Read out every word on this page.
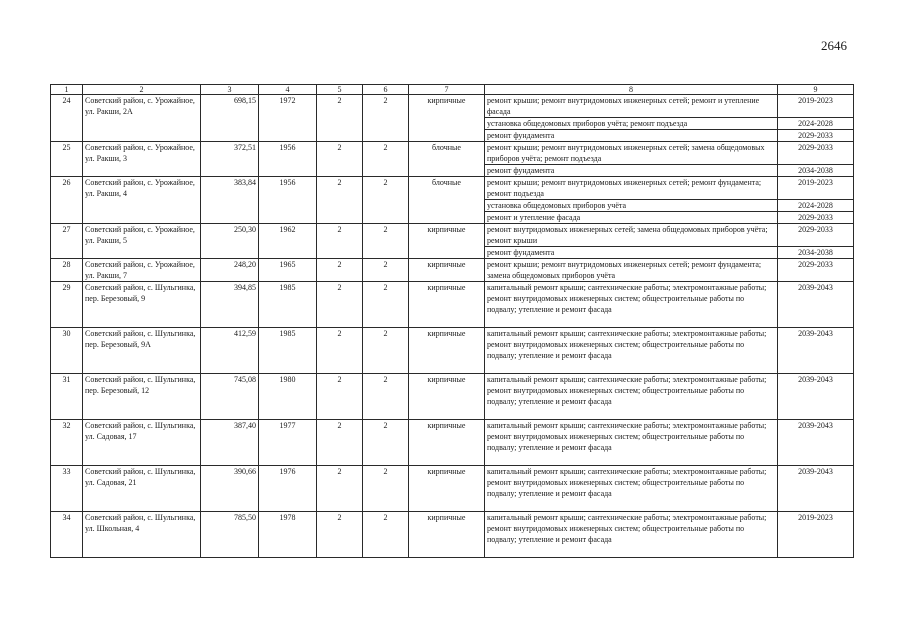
2646
1	2	3	4	5	6	7	8	9
24	Советский район, с. Урожайное, ул. Ракши, 2А	698,15	1972	2	2	кирпичные	ремонт крыши; ремонт внутридомовых инженерных сетей; ремонт и утепление фасада	2019-2023
							установка общедомовых приборов учёта; ремонт подъезда	2024-2028
							ремонт фундамента	2029-2033
25	Советский район, с. Урожайное, ул. Ракши, 3	372,51	1956	2	2	блочные	ремонт крыши; ремонт внутридомовых инженерных сетей; замена общедомовых приборов учёта; ремонт подъезда	2029-2033
							ремонт фундамента	2034-2038
26	Советский район, с. Урожайное, ул. Ракши, 4	383,84	1956	2	2	блочные	ремонт крыши; ремонт внутридомовых инженерных сетей; ремонт фундамента; ремонт подъезда	2019-2023
							установка общедомовых приборов учёта	2024-2028
							ремонт и утепление фасада	2029-2033
27	Советский район, с. Урожайное, ул. Ракши, 5	250,30	1962	2	2	кирпичные	ремонт внутридомовых инженерных сетей; замена общедомовых приборов учёта; ремонт крыши	2029-2033
							ремонт фундамента	2034-2038
28	Советский район, с. Урожайное, ул. Ракши, 7	248,20	1965	2	2	кирпичные	ремонт крыши; ремонт внутридомовых инженерных сетей; ремонт фундамента; замена общедомовых приборов учёта	2029-2033
29	Советский район, с. Шульгинка, пер. Березовый, 9	394,85	1985	2	2	кирпичные	капитальный ремонт крыши; сантехнические работы; электромонтажные работы; ремонт внутридомовых инженерных систем; общестроительные работы по подвалу; утепление и ремонт фасада	2039-2043
30	Советский район, с. Шульгинка, пер. Березовый, 9А	412,59	1985	2	2	кирпичные	капитальный ремонт крыши; сантехнические работы; электромонтажные работы; ремонт внутридомовых инженерных систем; общестроительные работы по подвалу; утепление и ремонт фасада	2039-2043
31	Советский район, с. Шульгинка, пер. Березовый, 12	745,08	1980	2	2	кирпичные	капитальный ремонт крыши; сантехнические работы; электромонтажные работы; ремонт внутридомовых инженерных систем; общестроительные работы по подвалу; утепление и ремонт фасада	2039-2043
32	Советский район, с. Шульгинка, ул. Садовая, 17	387,40	1977	2	2	кирпичные	капитальный ремонт крыши; сантехнические работы; электромонтажные работы; ремонт внутридомовых инженерных систем; общестроительные работы по подвалу; утепление и ремонт фасада	2039-2043
33	Советский район, с. Шульгинка, ул. Садовая, 21	390,66	1976	2	2	кирпичные	капитальный ремонт крыши; сантехнические работы; электромонтажные работы; ремонт внутридомовых инженерных систем; общестроительные работы по подвалу; утепление и ремонт фасада	2039-2043
34	Советский район, с. Шульгинка, ул. Школьная, 4	785,50	1978	2	2	кирпичные	капитальный ремонт крыши; сантехнические работы; электромонтажные работы; ремонт внутридомовых инженерных систем; общестроительные работы по подвалу; утепление и ремонт фасада	2019-2023
